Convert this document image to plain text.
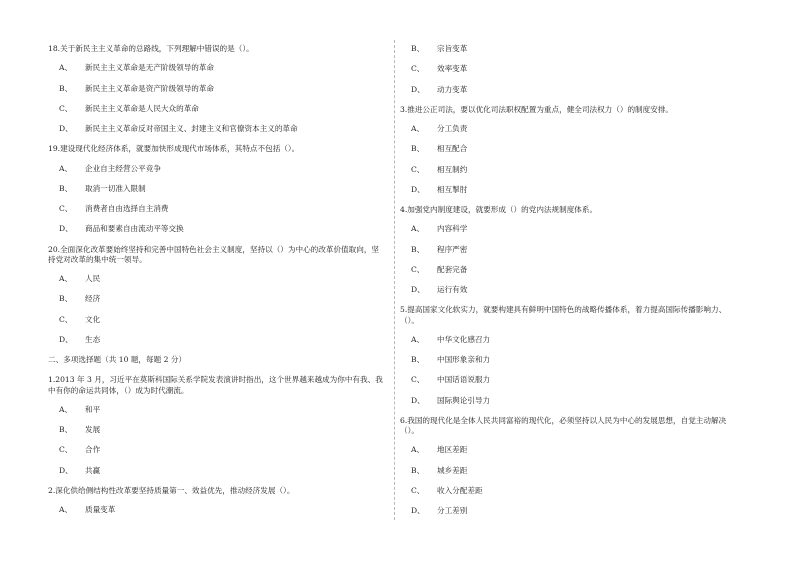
18.关于新民主主义革命的总路线，下列理解中错误的是（）。
A、	新民主主义革命是无产阶级领导的革命
B、	新民主主义革命是资产阶级领导的革命
C、	新民主主义革命是人民大众的革命
D、	新民主主义革命反对帝国主义、封建主义和官僚资本主义的革命
19.建设现代化经济体系，就要加快形成现代市场体系，其特点不包括（）。
A、	企业自主经营公平竞争
B、	取消一切准入限制
C、	消费者自由选择自主消费
D、	商品和要素自由流动平等交换
20.全面深化改革要始终坚持和完善中国特色社会主义制度，坚持以（）为中心的改革价值取向，坚持党对改革的集中统一领导。
A、	人民
B、	经济
C、	文化
D、	生态
二、多项选择题（共 10 题，每题 2 分）
1.2013 年 3 月，习近平在莫斯科国际关系学院发表演讲时指出，这个世界越来越成为你中有我、我中有你的命运共同体，（）成为时代潮流。
A、	和平
B、	发展
C、	合作
D、	共赢
2.深化供给侧结构性改革要坚持质量第一、效益优先，推动经济发展（）。
A、	质量变革
B、	宗旨变革
C、	效率变革
D、	动力变革
3.推进公正司法，要以优化司法职权配置为重点，健全司法权力（）的制度安排。
A、	分工负责
B、	相互配合
C、	相互制约
D、	相互掣肘
4.加强党内制度建设，就要形成（）的党内法规制度体系。
A、	内容科学
B、	程序严密
C、	配套完备
D、	运行有效
5.提高国家文化软实力，就要构建具有鲜明中国特色的战略传播体系，着力提高国际传播影响力、（）。
A、	中华文化感召力
B、	中国形象亲和力
C、	中国话语说服力
D、	国际舆论引导力
6.我国的现代化是全体人民共同富裕的现代化，必须坚持以人民为中心的发展思想，自觉主动解决（）。
A、	地区差距
B、	城乡差距
C、	收入分配差距
D、	分工差别
